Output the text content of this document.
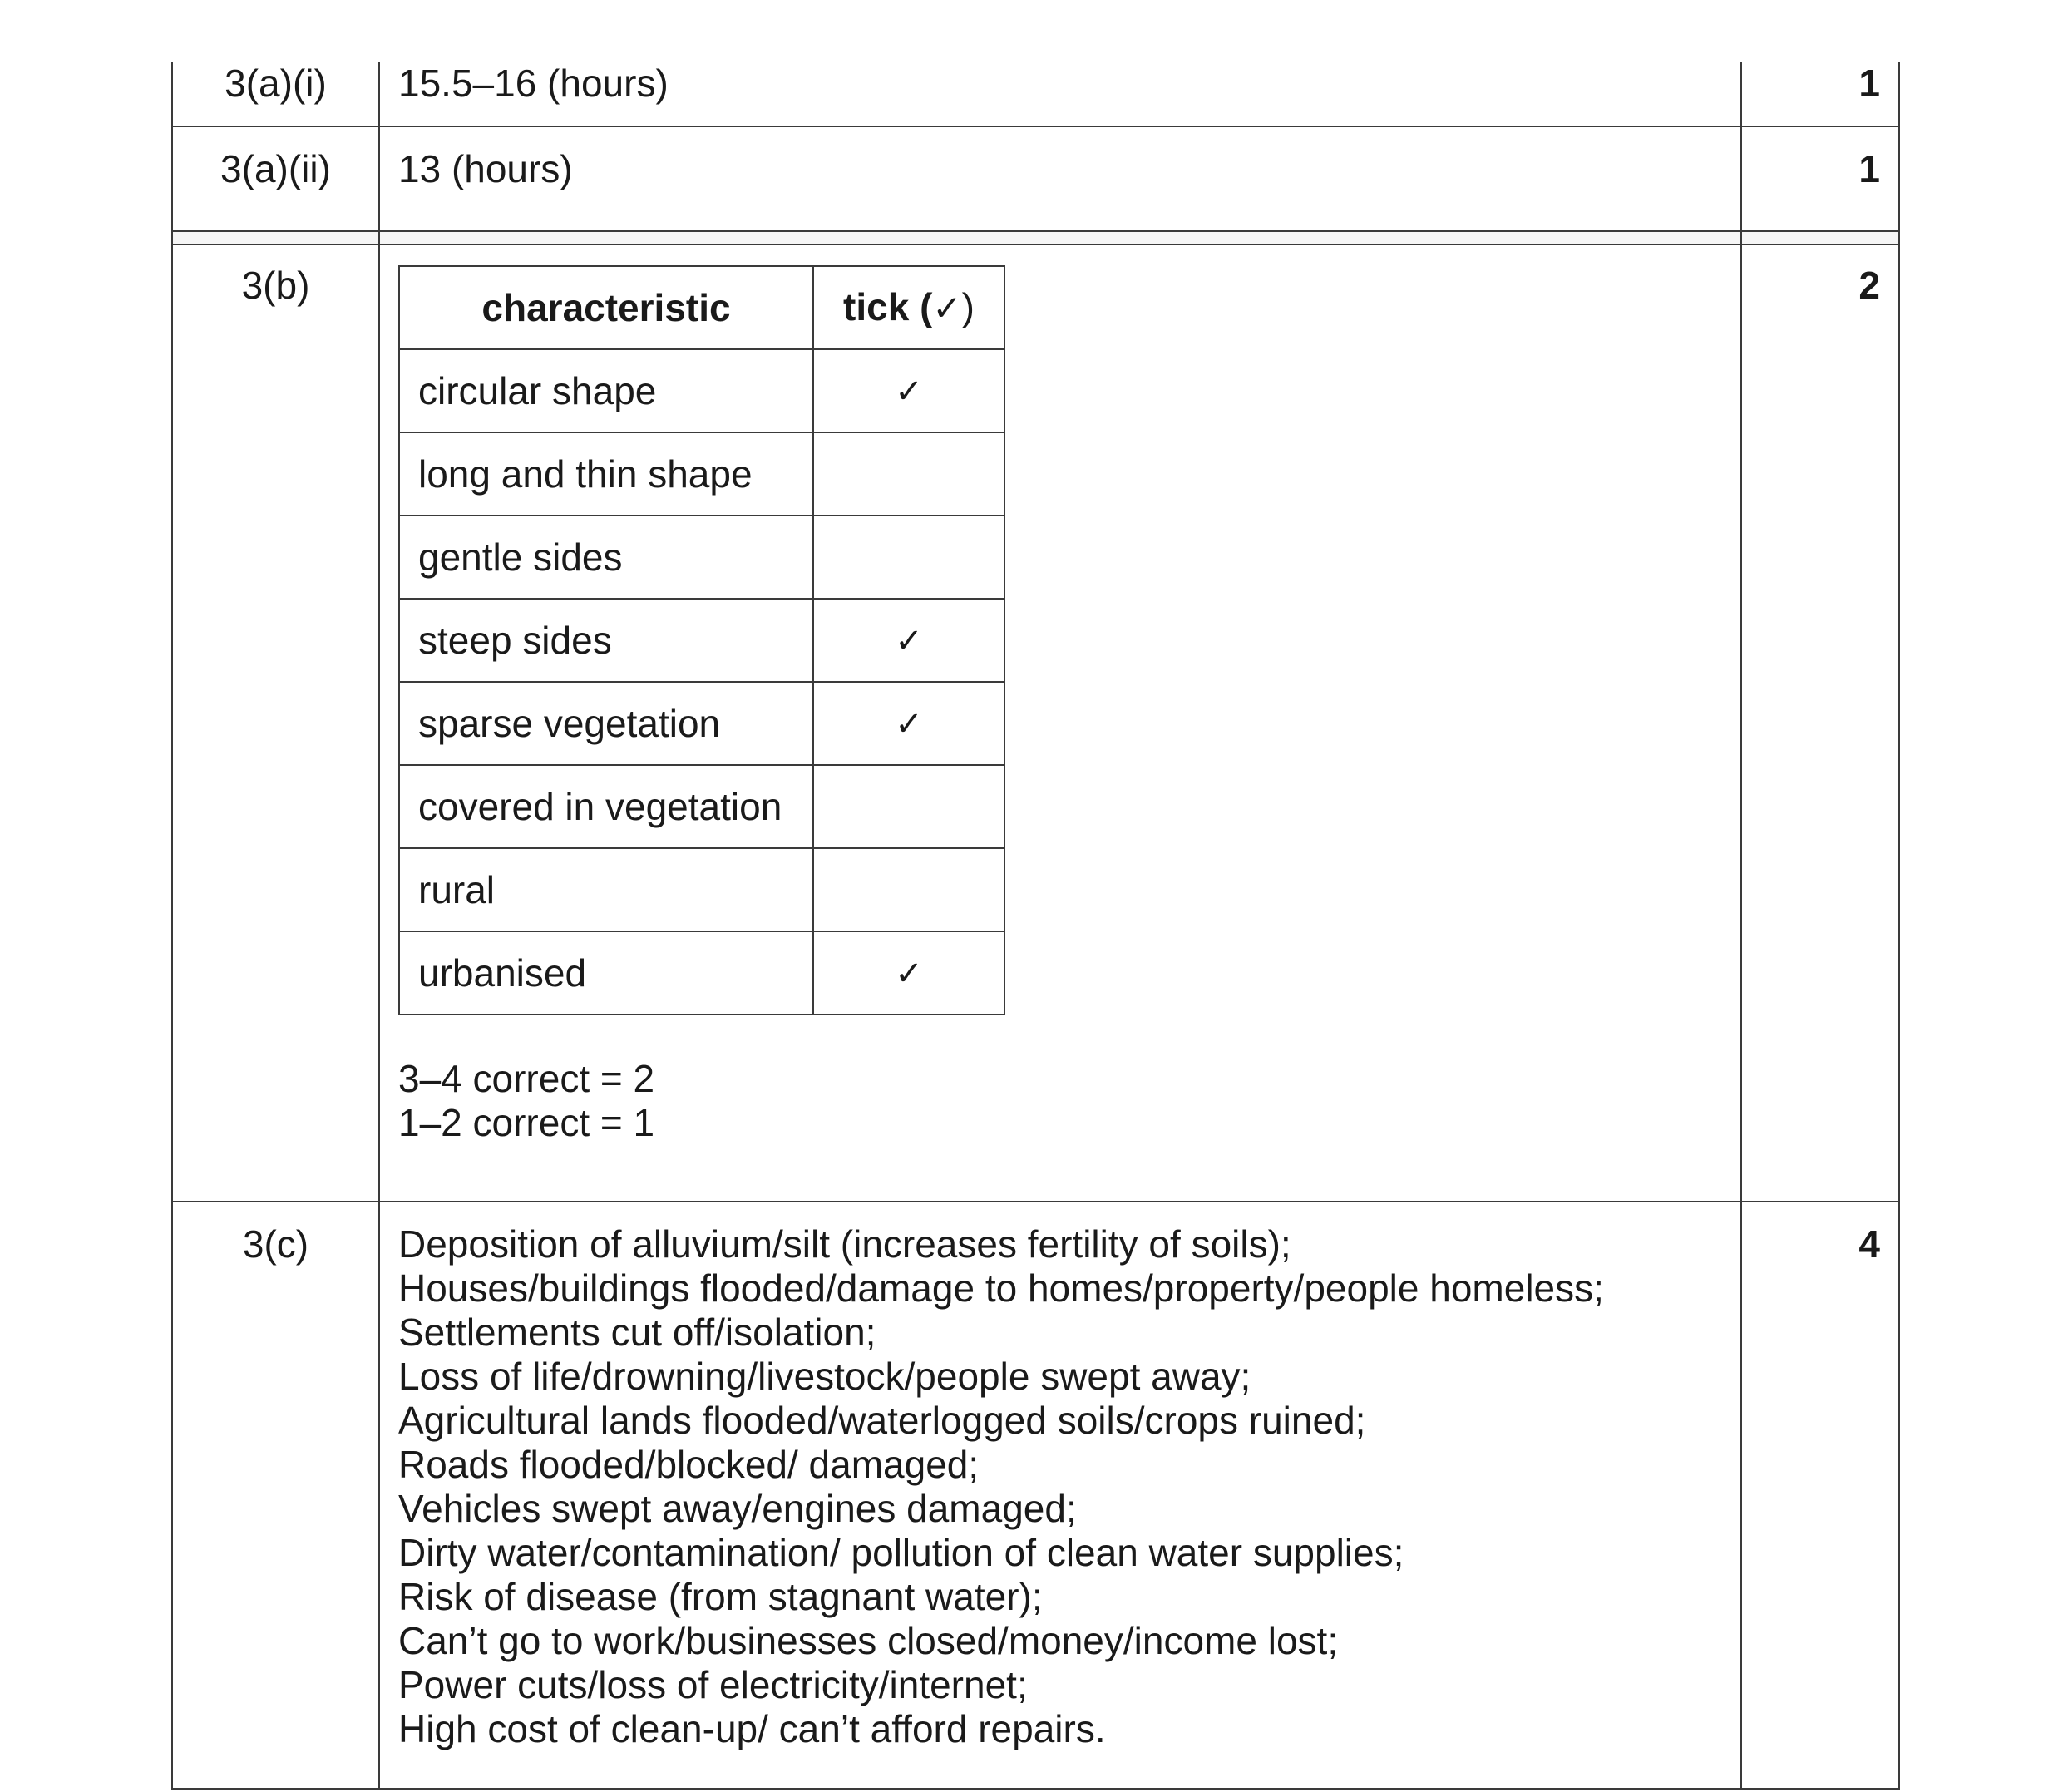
3(a)(i)	15.5–16 (hours)	1
3(a)(ii)	13 (hours)	1

3(b)	
characteristic	tick (✓)
circular shape	✓
long and thin shape	
gentle sides	
steep sides	✓
sparse vegetation	✓
covered in vegetation	
rural	
urbanised	✓
3–4 correct = 2
1–2 correct = 1
	2
3(c)	Deposition of alluvium/silt (increases fertility of soils);
Houses/buildings flooded/damage to homes/property/people homeless;
Settlements cut off/isolation;
Loss of life/drowning/livestock/people swept away;
Agricultural lands flooded/waterlogged soils/crops ruined;
Roads flooded/blocked/ damaged;
Vehicles swept away/engines damaged;
Dirty water/contamination/ pollution of clean water supplies;
Risk of disease (from stagnant water);
Can’t go to work/businesses closed/money/income lost;
Power cuts/loss of electricity/internet;
High cost of clean-up/ can’t afford repairs.
	4
